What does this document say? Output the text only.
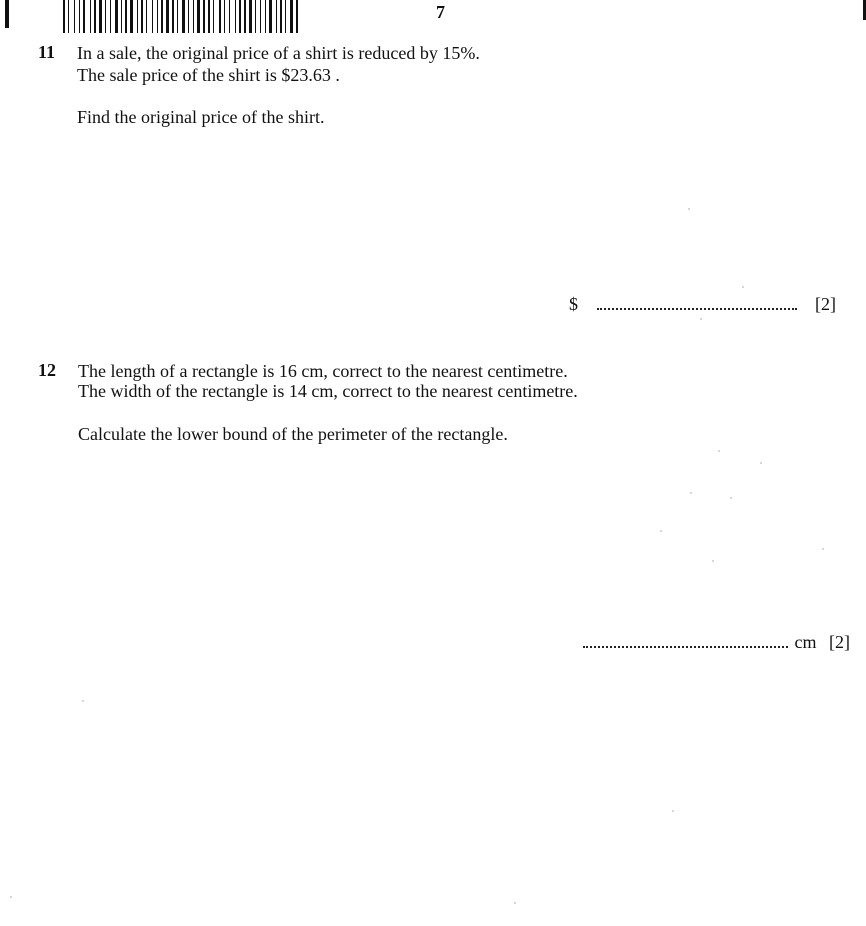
7
11 In a sale, the original price of a shirt is reduced by 15%.
The sale price of the shirt is $23.63 .
Find the original price of the shirt.
$	[2]
12 The length of a rectangle is 16 cm, correct to the nearest centimetre.
The width of the rectangle is 14 cm, correct to the nearest centimetre.
Calculate the lower bound of the perimeter of the rectangle.
cm [2]
